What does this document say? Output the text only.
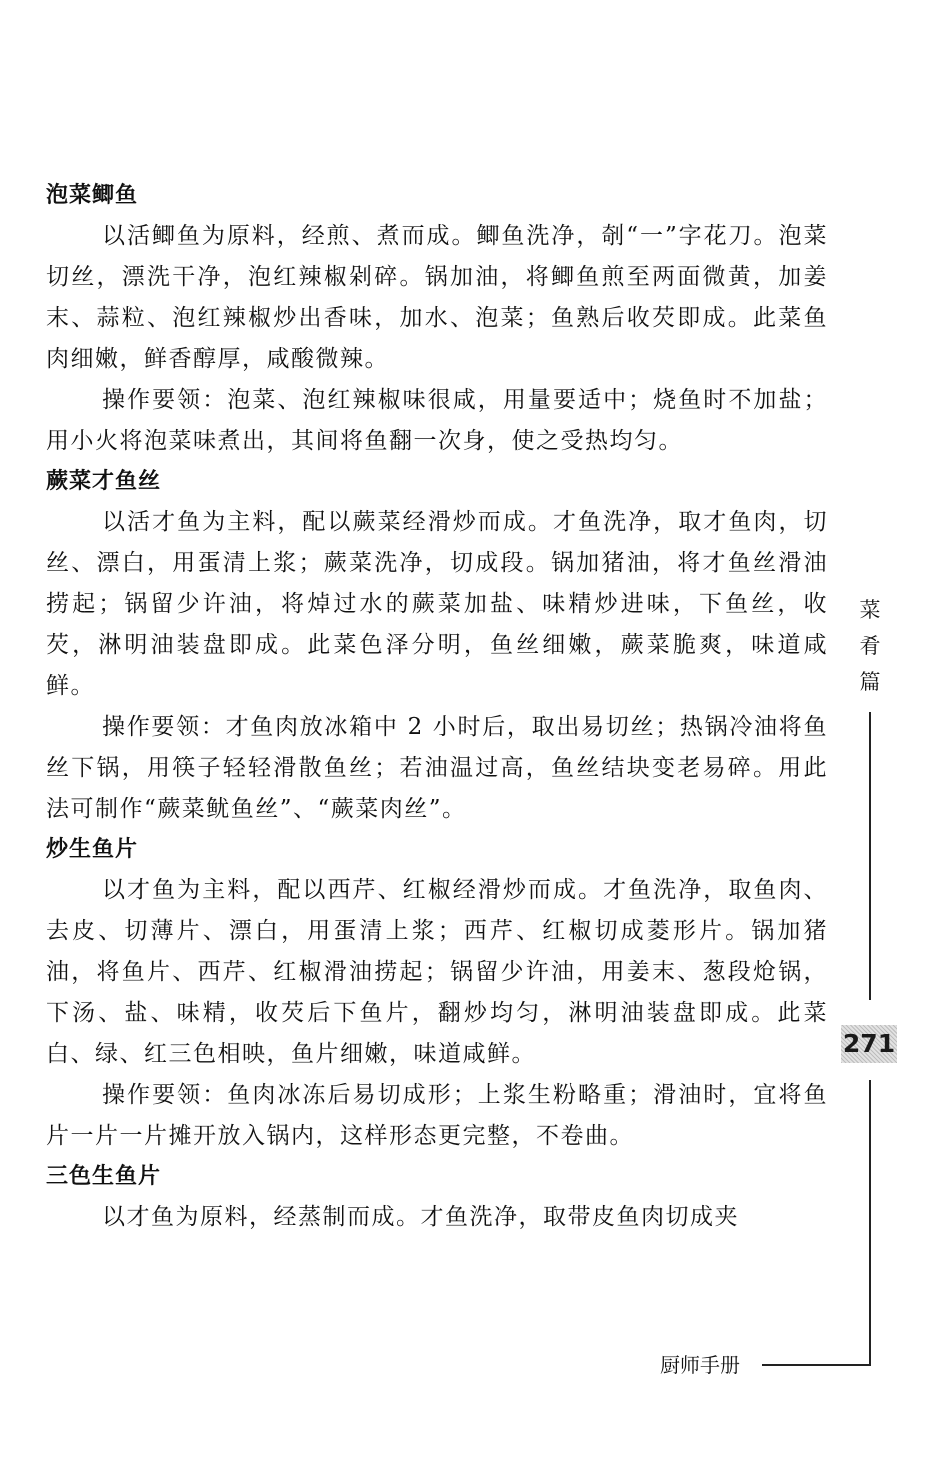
泡菜鲫鱼

以活鲫鱼为原料，经煎、煮而成。鲫鱼洗净，剞“一”字花刀。泡菜切丝，漂洗干净，泡红辣椒剁碎。锅加油，将鲫鱼煎至两面微黄，加姜末、蒜粒、泡红辣椒炒出香味，加水、泡菜；鱼熟后收芡即成。此菜鱼肉细嫩，鲜香醇厚，咸酸微辣。

操作要领：泡菜、泡红辣椒味很咸，用量要适中；烧鱼时不加盐；用小火将泡菜味煮出，其间将鱼翻一次身，使之受热均匀。

蕨菜才鱼丝

以活才鱼为主料，配以蕨菜经滑炒而成。才鱼洗净，取才鱼肉，切丝、漂白，用蛋清上浆；蕨菜洗净，切成段。锅加猪油，将才鱼丝滑油捞起；锅留少许油，将焯过水的蕨菜加盐、味精炒进味，下鱼丝，收芡，淋明油装盘即成。此菜色泽分明，鱼丝细嫩，蕨菜脆爽，味道咸鲜。

操作要领：才鱼肉放冰箱中 2 小时后，取出易切丝；热锅冷油将鱼丝下锅，用筷子轻轻滑散鱼丝；若油温过高，鱼丝结块变老易碎。用此法可制作“蕨菜鱿鱼丝”、“蕨菜肉丝”。

炒生鱼片

以才鱼为主料，配以西芹、红椒经滑炒而成。才鱼洗净，取鱼肉、去皮、切薄片、漂白，用蛋清上浆；西芹、红椒切成菱形片。锅加猪油，将鱼片、西芹、红椒滑油捞起；锅留少许油，用姜末、葱段炝锅，下汤、盐、味精，收芡后下鱼片，翻炒均匀，淋明油装盘即成。此菜白、绿、红三色相映，鱼片细嫩，味道咸鲜。

操作要领：鱼肉冰冻后易切成形；上浆生粉略重；滑油时，宜将鱼片一片一片摊开放入锅内，这样形态更完整，不卷曲。

三色生鱼片

以才鱼为原料，经蒸制而成。才鱼洗净，取带皮鱼肉切成夹

菜
肴
篇
271
厨师手册
